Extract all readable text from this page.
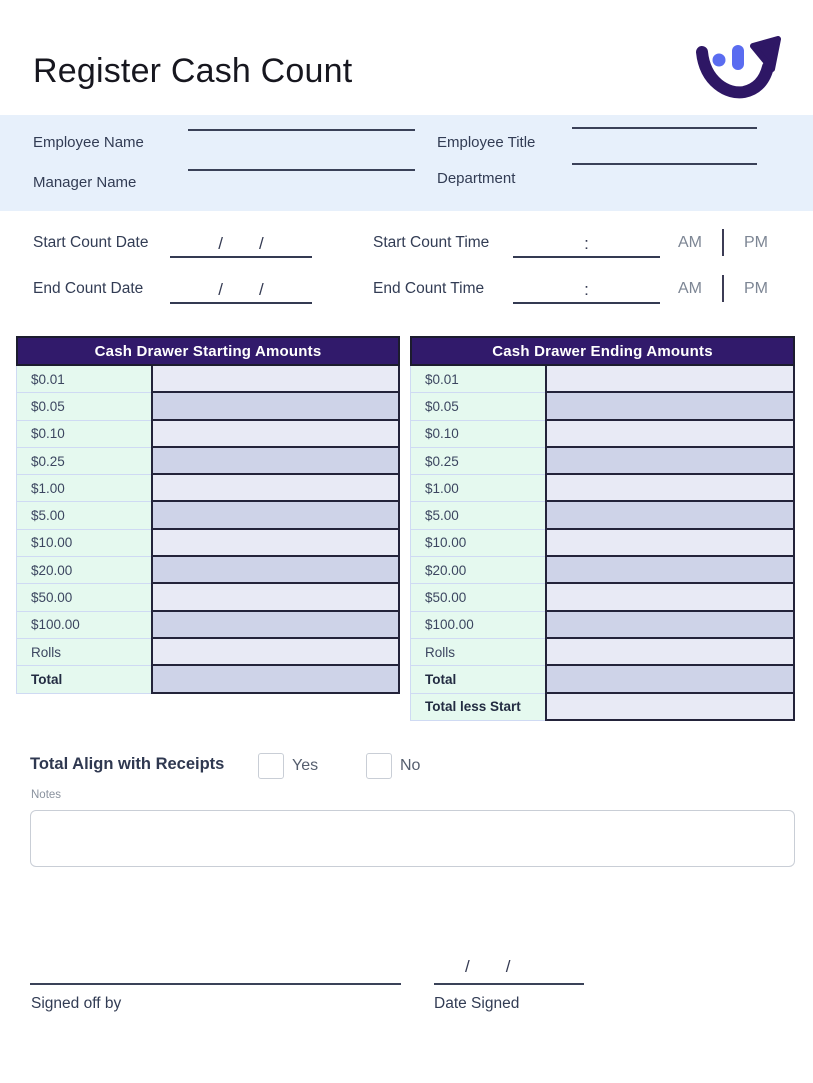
Register Cash Count
Employee Name	Employee Title
Manager Name	Department
Start Count Date	/ /	Start Count Time	:	AM	PM
End Count Date	/ /	End Count Time	:	AM	PM
Cash Drawer Starting Amounts
$0.01
$0.05
$0.10
$0.25
$1.00
$5.00
$10.00
$20.00
$50.00
$100.00
Rolls
Total
Cash Drawer Ending Amounts
$0.01
$0.05
$0.10
$0.25
$1.00
$5.00
$10.00
$20.00
$50.00
$100.00
Rolls
Total
Total less Start
Total Align with Receipts	Yes	No
Notes
Signed off by
/ /
Date Signed
